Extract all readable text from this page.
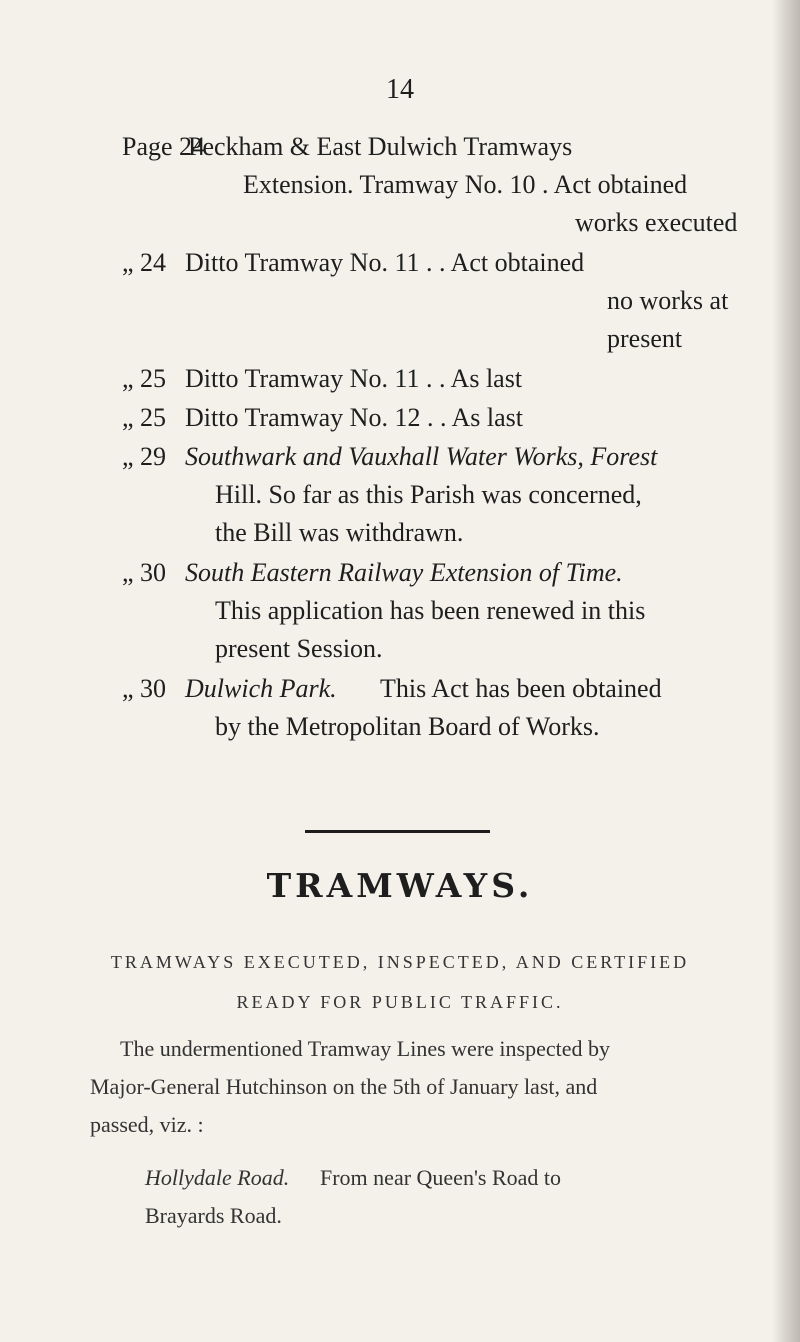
14
Page 24
Peckham & East Dulwich Tramways
Extension. Tramway No. 10 . Act obtained
works executed
„ 24 Ditto Tramway No. 11 . . Act obtained
no works at
present
„ 25 Ditto Tramway No. 11 . . As last
„ 25 Ditto Tramway No. 12 . . As last
„ 29 Southwark and Vauxhall Water Works, Forest
Hill. So far as this Parish was concerned,
the Bill was withdrawn.
„ 30 South Eastern Railway Extension of Time.
This application has been renewed in this
present Session.
„ 30 Dulwich Park. This Act has been obtained
by the Metropolitan Board of Works.
TRAMWAYS.
TRAMWAYS EXECUTED, INSPECTED, AND CERTIFIED
READY FOR PUBLIC TRAFFIC.
The undermentioned Tramway Lines were inspected by
Major-General Hutchinson on the 5th of January last, and
passed, viz. :
Hollydale Road. From near Queen's Road to
Brayards Road.
